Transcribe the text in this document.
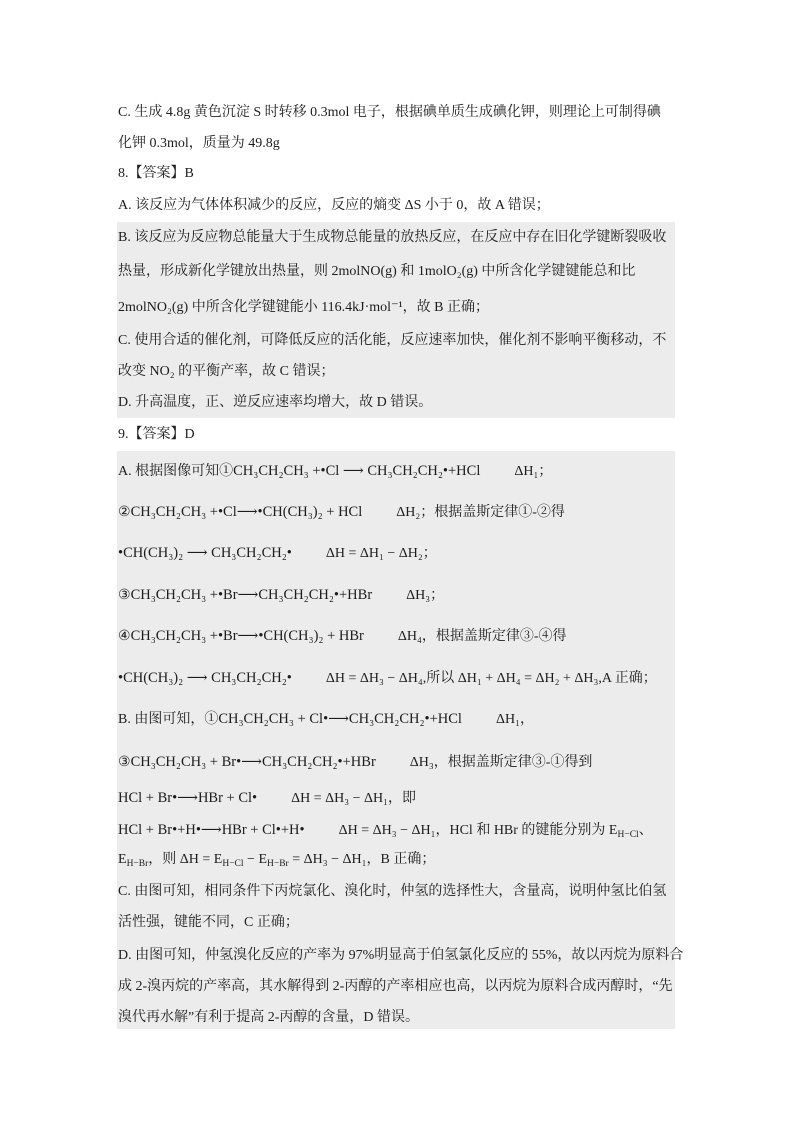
C. 生成 4.8g 黄色沉淀 S 时转移 0.3mol 电子，根据碘单质生成碘化钾，则理论上可制得碘
化钾 0.3mol，质量为 49.8g
8.【答案】B
A. 该反应为气体体积减少的反应，反应的熵变 ΔS 小于 0，故 A 错误；
B. 该反应为反应物总能量大于生成物总能量的放热反应，在反应中存在旧化学键断裂吸收
热量，形成新化学键放出热量，则 2molNO(g) 和 1molO₂(g) 中所含化学键键能总和比
2molNO₂(g) 中所含化学键键能小 116.4kJ·mol⁻¹，故 B 正确；
C. 使用合适的催化剂，可降低反应的活化能，反应速率加快，催化剂不影响平衡移动，不
改变 NO₂ 的平衡产率，故 C 错误；
D. 升高温度，正、逆反应速率均增大，故 D 错误。
9.【答案】D
A. 根据图像可知①CH₃CH₂CH₃ +•Cl ⟶ CH₃CH₂CH₂•+HCl ΔH₁；
②CH₃CH₂CH₃ +•Cl⟶•CH(CH₃)₂ + HCl ΔH₂；根据盖斯定律①-②得
•CH(CH₃)₂ ⟶ CH₃CH₂CH₂• ΔH = ΔH₁ − ΔH₂；
③CH₃CH₂CH₃ +•Br⟶CH₃CH₂CH₂•+HBr ΔH₃；
④CH₃CH₂CH₃ +•Br⟶•CH(CH₃)₂ + HBr ΔH₄，根据盖斯定律③-④得
•CH(CH₃)₂ ⟶ CH₃CH₂CH₂• ΔH = ΔH₃ − ΔH₄,所以 ΔH₁ + ΔH₄ = ΔH₂ + ΔH₃,A 正确；
B. 由图可知，①CH₃CH₂CH₃ + Cl•⟶CH₃CH₂CH₂•+HCl ΔH₁，
③CH₃CH₂CH₃ + Br•⟶CH₃CH₂CH₂•+HBr ΔH₃，根据盖斯定律③-①得到
HCl + Br•⟶HBr + Cl• ΔH = ΔH₃ − ΔH₁，即
HCl + Br•+H•⟶HBr + Cl•+H• ΔH = ΔH₃ − ΔH₁，HCl 和 HBr 的键能分别为 $E_{H-Cl}$、
$E_{H-Br}$，则 $\Delta H = E_{H-Cl} - E_{H-Br} = \Delta H_3 - \Delta H_1$，B 正确；
C. 由图可知，相同条件下丙烷氯化、溴化时，仲氢的选择性大，含量高，说明仲氢比伯氢
活性强，键能不同，C 正确；
D. 由图可知，仲氢溴化反应的产率为 97%明显高于伯氢氯化反应的 55%，故以丙烷为原料合
成 2-溴丙烷的产率高，其水解得到 2-丙醇的产率相应也高，以丙烷为原料合成丙醇时，“先
溴代再水解”有利于提高 2-丙醇的含量，D 错误。
